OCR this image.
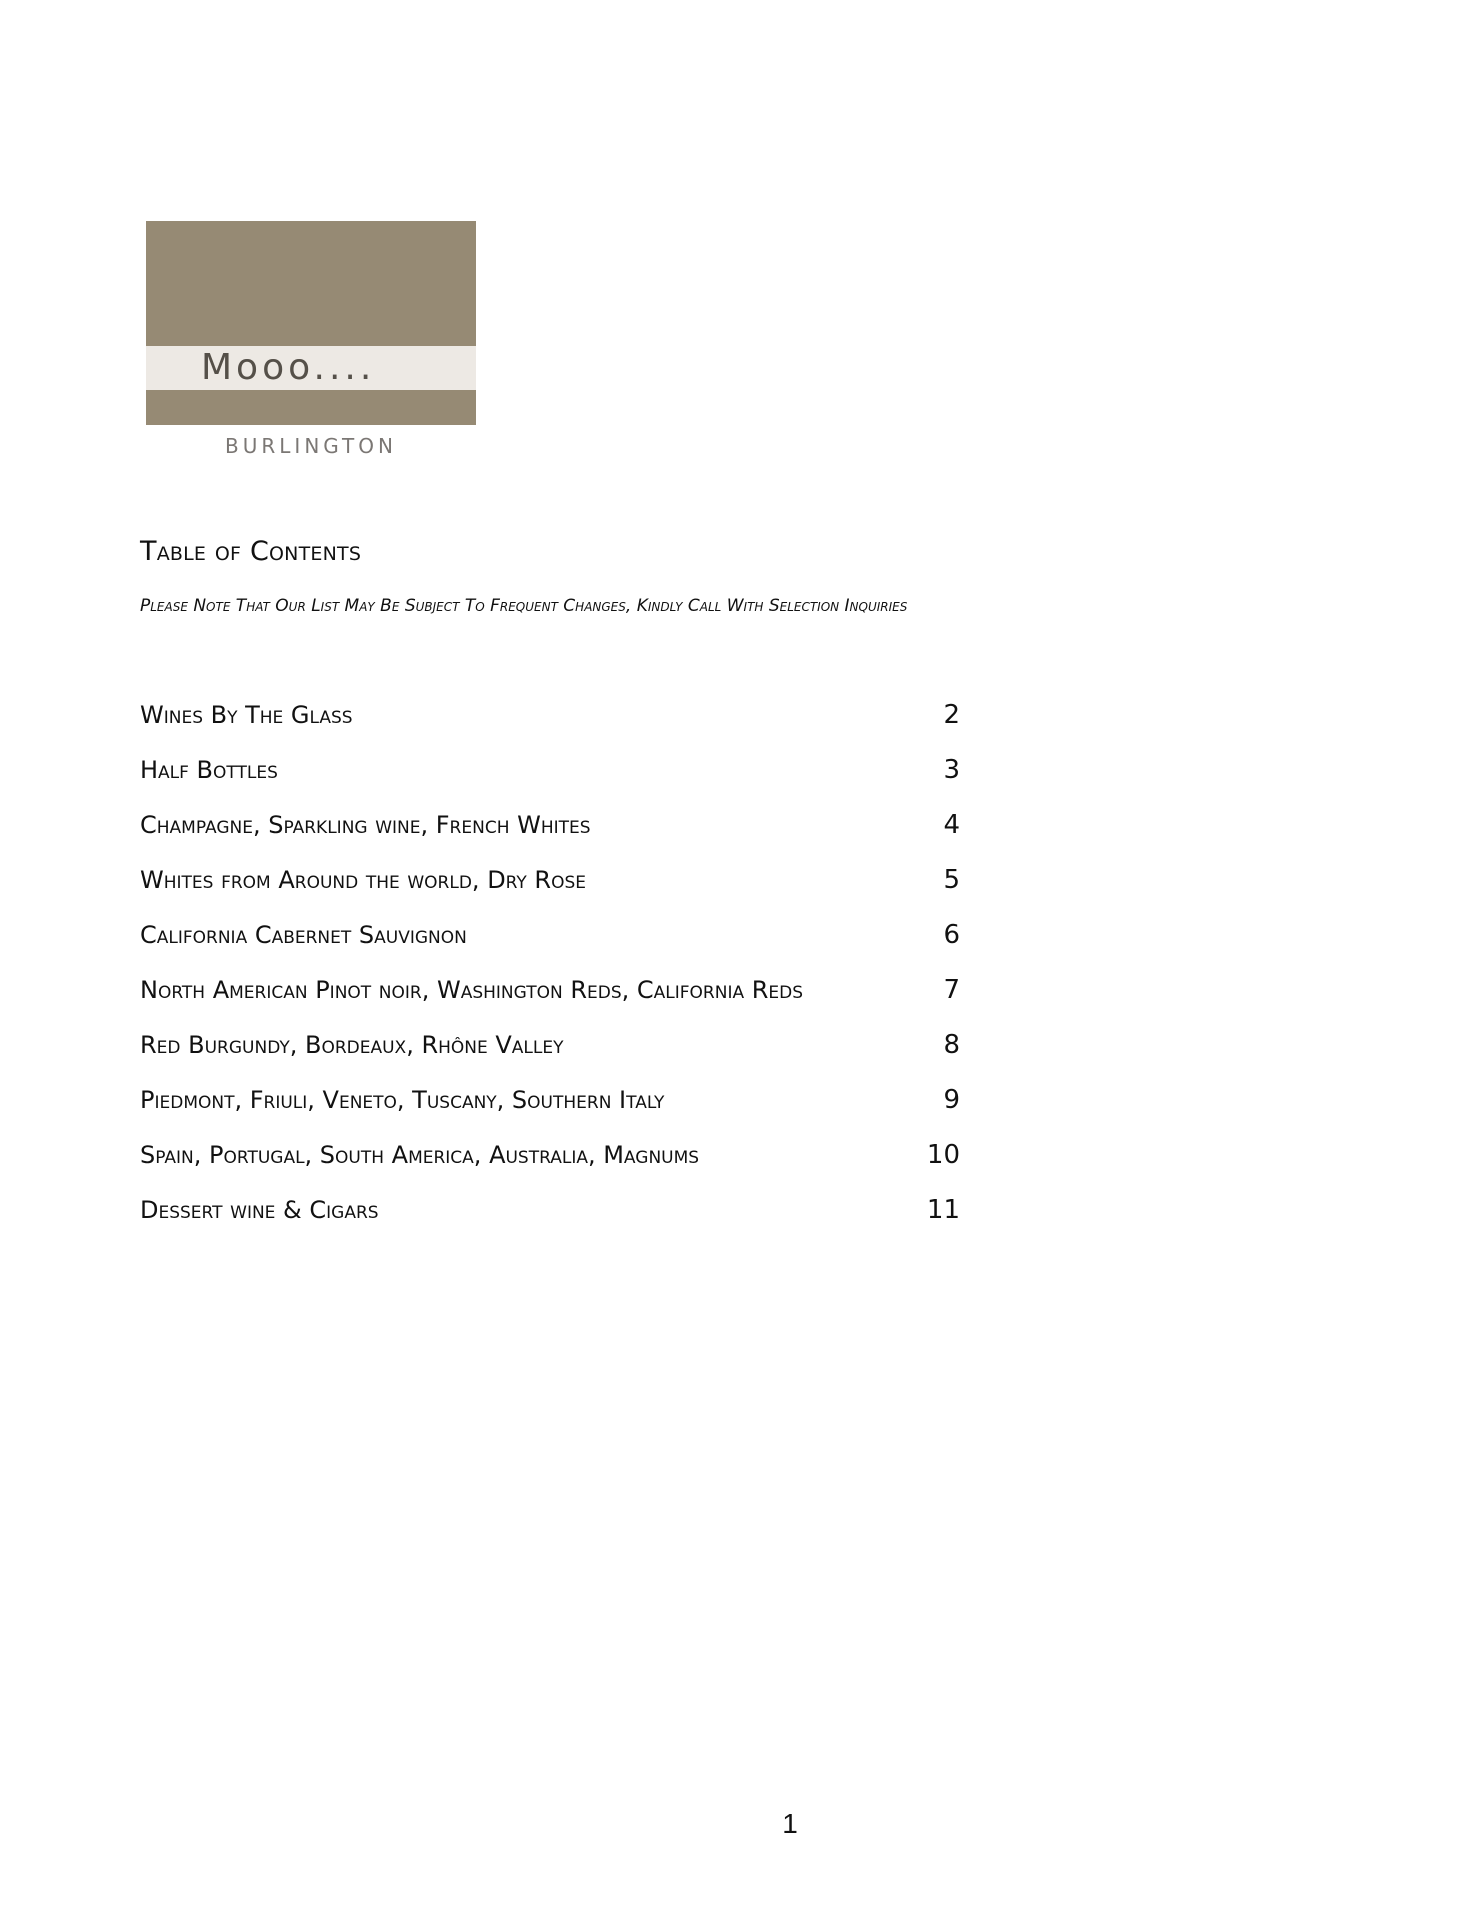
Mooo....
BURLINGTON
Table of Contents
Please Note That Our List May Be Subject To Frequent Changes, Kindly Call With Selection Inquiries
Wines By The Glass	2
Half Bottles	3
Champagne, Sparkling wine, French Whites	4
Whites from Around the world, Dry Rose	5
California Cabernet Sauvignon	6
North American Pinot noir, Washington Reds, California Reds	7
Red Burgundy, Bordeaux, Rhône Valley	8
Piedmont, Friuli, Veneto, Tuscany, Southern Italy	9
Spain, Portugal, South America, Australia, Magnums	10
Dessert wine & Cigars	11
1
